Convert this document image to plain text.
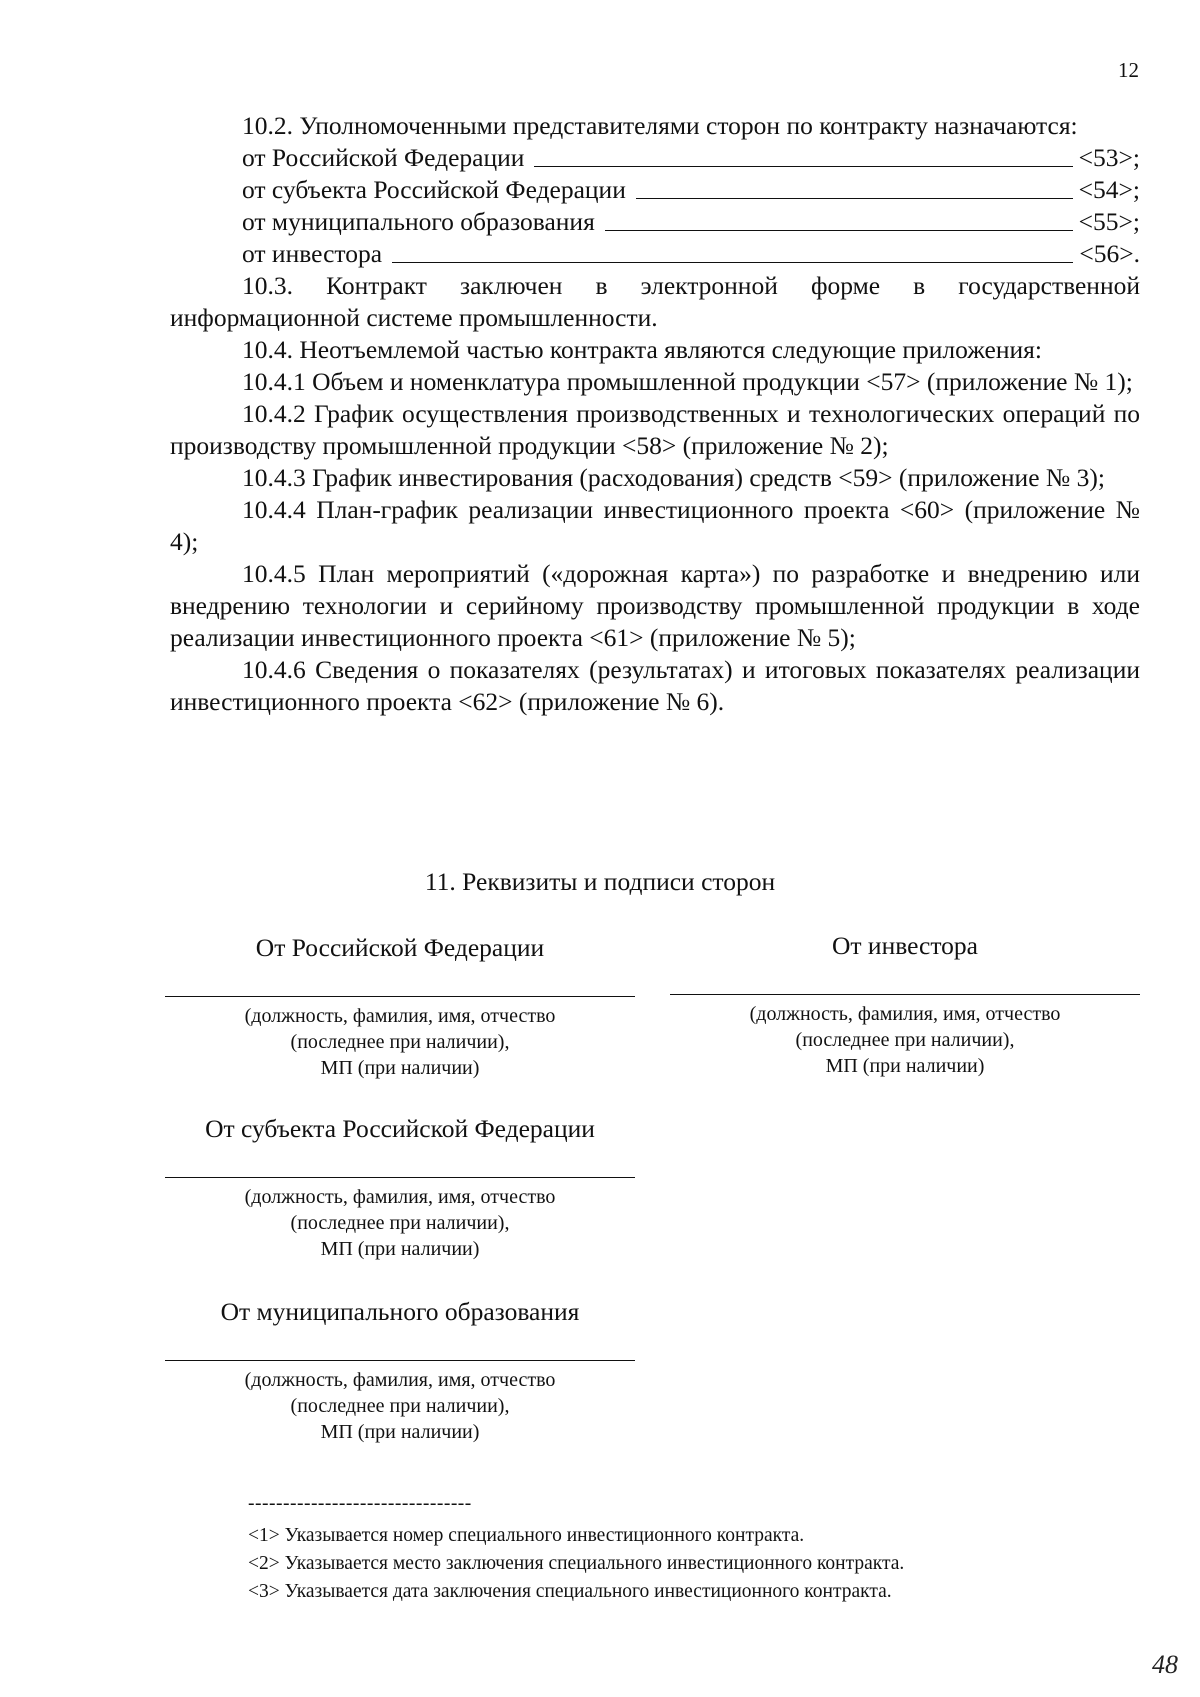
12

10.2. Уполномоченными представителями сторон по контракту назначаются:

от Российской Федерации	<53>;
от субъекта Российской Федерации	<54>;
от муниципального образования	<55>;
от инвестора	<56>.

10.3. Контракт заключен в электронной форме в государственной информационной системе промышленности.

10.4. Неотъемлемой частью контракта являются следующие приложения:

10.4.1 Объем и номенклатура промышленной продукции <57> (приложение № 1);

10.4.2 График осуществления производственных и технологических операций по производству промышленной продукции <58> (приложение № 2);

10.4.3 График инвестирования (расходования) средств <59> (приложение № 3);

10.4.4 План-график реализации инвестиционного проекта <60> (приложение № 4);

10.4.5 План мероприятий («дорожная карта») по разработке и внедрению или внедрению технологии и серийному производству промышленной продукции в ходе реализации инвестиционного проекта <61> (приложение № 5);

10.4.6 Сведения о показателях (результатах) и итоговых показателях реализации инвестиционного проекта <62> (приложение № 6).

11. Реквизиты и подписи сторон
От Российской Федерации
(должность, фамилия, имя, отчество
(последнее при наличии),
МП (при наличии)
От инвестора
(должность, фамилия, имя, отчество
(последнее при наличии),
МП (при наличии)
От субъекта Российской Федерации
(должность, фамилия, имя, отчество
(последнее при наличии),
МП (при наличии)
От муниципального образования
(должность, фамилия, имя, отчество
(последнее при наличии),
МП (при наличии)
--------------------------------
<1> Указывается номер специального инвестиционного контракта.
<2> Указывается место заключения специального инвестиционного контракта.
<3> Указывается дата заключения специального инвестиционного контракта.
48
